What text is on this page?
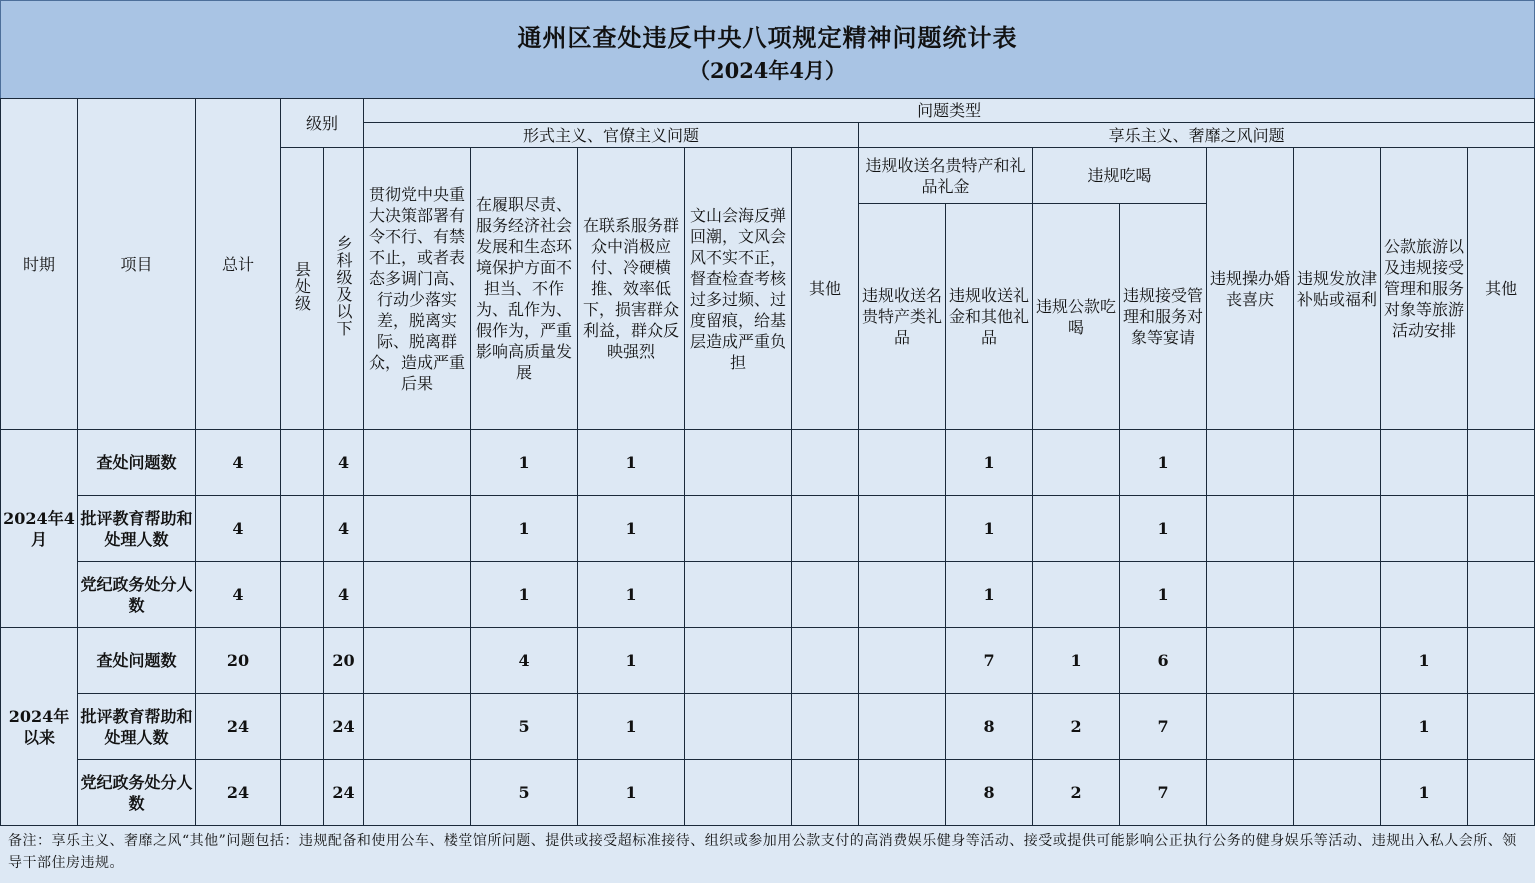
通州区查处违反中央八项规定精神问题统计表
（2024年4月）
时期	项目	总计	级别		问题类型												
					形式主义、官僚主义问题					享乐主义、奢靡之风问题							
			县处级	乡科级及以下	贯彻党中央重大决策部署有令不行、有禁不止，或者表态多调门高、行动少落实差，脱离实际、脱离群众，造成严重后果	在履职尽责、服务经济社会发展和生态环境保护方面不担当、不作为、乱作为、假作为，严重影响高质量发展	在联系服务群众中消极应付、冷硬横推、效率低下，损害群众利益，群众反映强烈	文山会海反弹回潮，文风会风不实不正，督查检查考核过多过频、过度留痕，给基层造成严重负担	其他	违规收送名贵特产和礼品礼金		违规吃喝		违规操办婚丧喜庆	违规发放津补贴或福利	公款旅游以及违规接受管理和服务对象等旅游活动安排	其他
										违规收送名贵特产类礼品	违规收送礼金和其他礼品	违规公款吃喝	违规接受管理和服务对象等宴请				
2024年4月	查处问题数	4		4		1	1				1		1				
	批评教育帮助和处理人数	4		4		1	1				1		1				
	党纪政务处分人数	4		4		1	1				1		1				
2024年以来	查处问题数	20		20		4	1				7	1	6			1	
	批评教育帮助和处理人数	24		24		5	1				8	2	7			1	
	党纪政务处分人数	24		24		5	1				8	2	7			1	
备注：享乐主义、奢靡之风“其他”问题包括：违规配备和使用公车、楼堂馆所问题、提供或接受超标准接待、组织或参加用公款支付的高消费娱乐健身等活动、接受或提供可能影响公正执行公务的健身娱乐等活动、违规出入私人会所、领导干部住房违规。
